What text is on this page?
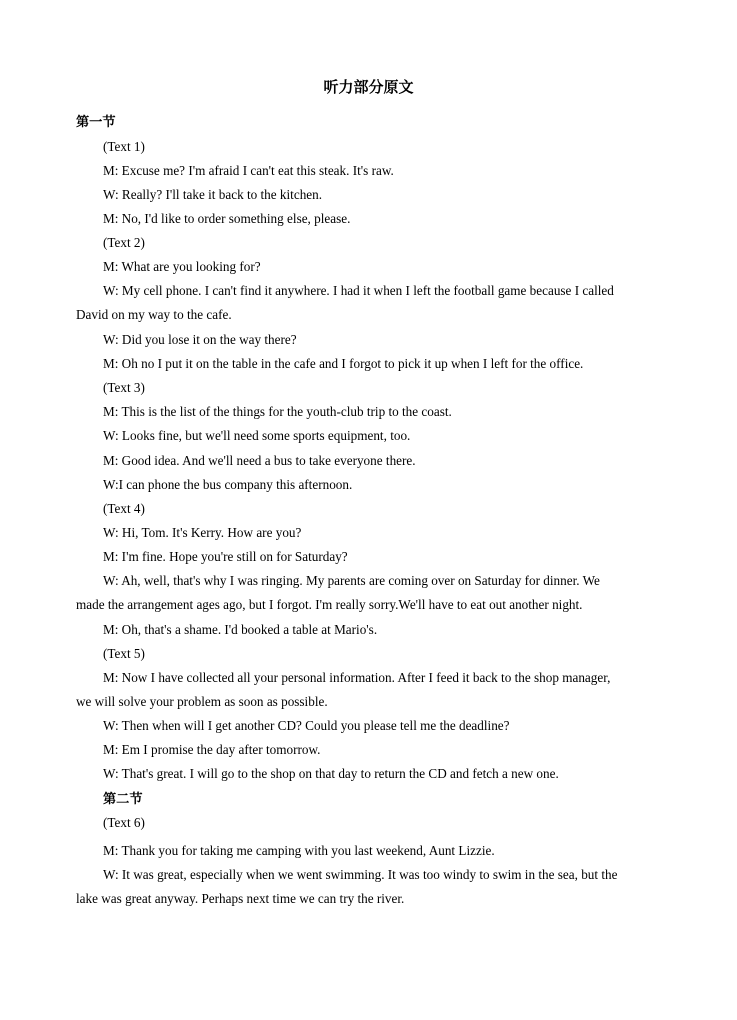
听力部分原文
第一节
(Text 1)
M: Excuse me? I'm afraid I can't eat this steak. It's raw.
W: Really? I'll take it back to the kitchen.
M: No, I'd like to order something else, please.
(Text 2)
M: What are you looking for?
W: My cell phone. I can't find it anywhere. I had it when I left the football game because I called
David on my way to the cafe.
W: Did you lose it on the way there?
M: Oh no I put it on the table in the cafe and I forgot to pick it up when I left for the office.
(Text 3)
M: This is the list of the things for the youth-club trip to the coast.
W: Looks fine, but we'll need some sports equipment, too.
M: Good idea. And we'll need a bus to take everyone there.
W:I can phone the bus company this afternoon.
(Text 4)
W: Hi, Tom. It's Kerry. How are you?
M: I'm fine. Hope you're still on for Saturday?
W: Ah, well, that's why I was ringing. My parents are coming over on Saturday for dinner. We
made the arrangement ages ago, but I forgot. I'm really sorry.We'll have to eat out another night.
M: Oh, that's a shame. I'd booked a table at Mario's.
(Text 5)
M: Now I have collected all your personal information. After I feed it back to the shop manager,
we will solve your problem as soon as possible.
W: Then when will I get another CD? Could you please tell me the deadline?
M: Em I promise the day after tomorrow.
W: That's great. I will go to the shop on that day to return the CD and fetch a new one.
第二节
(Text 6)
M: Thank you for taking me camping with you last weekend, Aunt Lizzie.
W: It was great, especially when we went swimming. It was too windy to swim in the sea, but the
lake was great anyway. Perhaps next time we can try the river.
